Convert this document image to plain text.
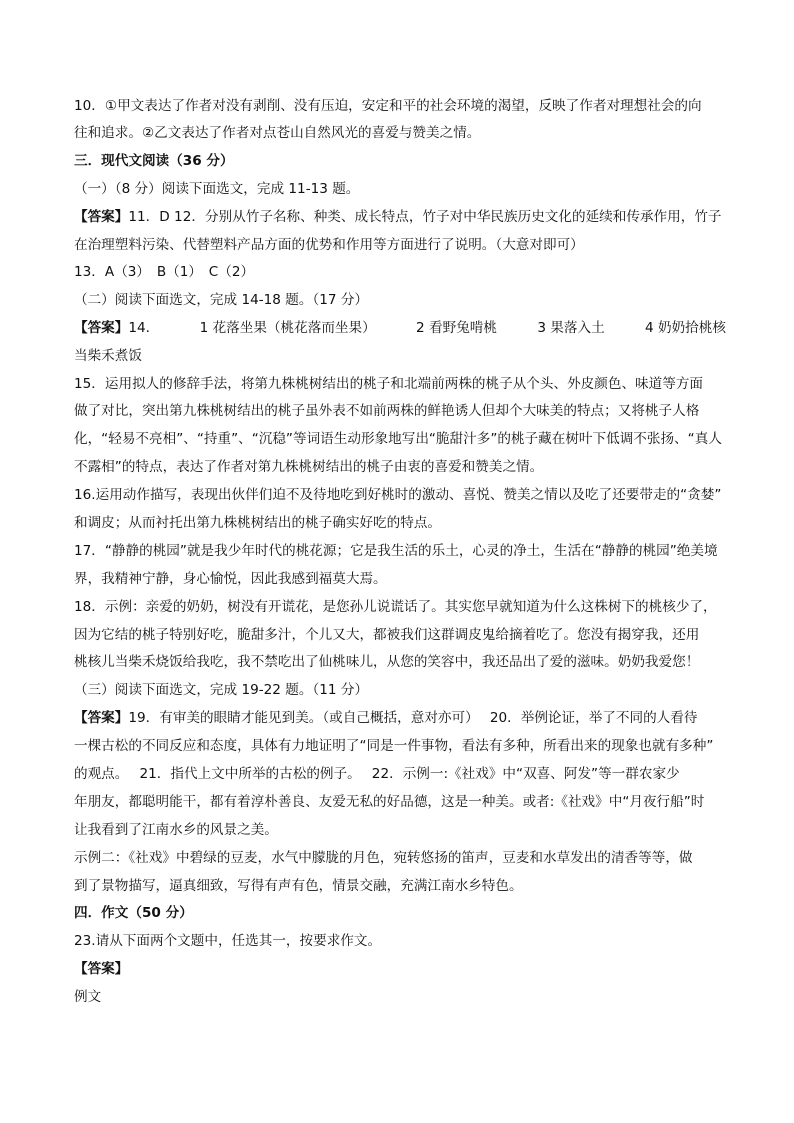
10．①甲文表达了作者对没有剥削、没有压迫，安定和平的社会环境的渴望，反映了作者对理想社会的向
往和追求。②乙文表达了作者对点苍山自然风光的喜爱与赞美之情。
三．现代文阅读（36 分）
（一）（8 分）阅读下面选文，完成 11-13 题。
【答案】11．D 12．分别从竹子名称、种类、成长特点，竹子对中华民族历史文化的延续和传承作用，竹子
在治理塑料污染、代替塑料产品方面的优势和作用等方面进行了说明。（大意对即可）
13．A（3）　B（1）　C（2）
（二）阅读下面选文，完成 14-18 题。（17 分）
【答案】14．	1 花落坐果（桃花落而坐果）	2 看野兔啃桃	3 果落入土	4 奶奶拾桃核
当柴禾煮饭
15．运用拟人的修辞手法，将第九株桃树结出的桃子和北端前两株的桃子从个头、外皮颜色、味道等方面
做了对比，突出第九株桃树结出的桃子虽外表不如前两株的鲜艳诱人但却个大味美的特点；又将桃子人格
化，“轻易不亮相”、“持重”、“沉稳”等词语生动形象地写出“脆甜汁多”的桃子藏在树叶下低调不张扬、“真人
不露相”的特点，表达了作者对第九株桃树结出的桃子由衷的喜爱和赞美之情。
16.运用动作描写，表现出伙伴们迫不及待地吃到好桃时的激动、喜悦、赞美之情以及吃了还要带走的“贪婪”
和调皮；从而衬托出第九株桃树结出的桃子确实好吃的特点。
17．“静静的桃园”就是我少年时代的桃花源；它是我生活的乐土，心灵的净土，生活在“静静的桃园”绝美境
界，我精神宁静，身心愉悦，因此我感到福莫大焉。
18．示例：亲爱的奶奶，树没有开谎花，是您孙儿说谎话了。其实您早就知道为什么这株树下的桃核少了，
因为它结的桃子特别好吃，脆甜多汁，个儿又大，都被我们这群调皮鬼给摘着吃了。您没有揭穿我，还用
桃核儿当柴禾烧饭给我吃，我不禁吃出了仙桃味儿，从您的笑容中，我还品出了爱的滋味。奶奶我爱您！
（三）阅读下面选文，完成 19-22 题。（11 分）
【答案】19．有审美的眼睛才能见到美。（或自己概括，意对亦可）　 20．举例论证，举了不同的人看待
一棵古松的不同反应和态度，具体有力地证明了“同是一件事物，看法有多种，所看出来的现象也就有多种”
的观点。　 21．指代上文中所举的古松的例子。　 22．示例一:《社戏》中“双喜、阿发”等一群农家少
年朋友，都聪明能干，都有着淳朴善良、友爱无私的好品德，这是一种美。或者:《社戏》中“月夜行船”时
让我看到了江南水乡的风景之美。
示例二：《社戏》中碧绿的豆麦，水气中朦胧的月色，宛转悠扬的笛声，豆麦和水草发出的清香等等，做
到了景物描写，逼真细致，写得有声有色，情景交融，充满江南水乡特色。
四．作文（50 分）
23.请从下面两个文题中，任选其一，按要求作文。
【答案】
例文
